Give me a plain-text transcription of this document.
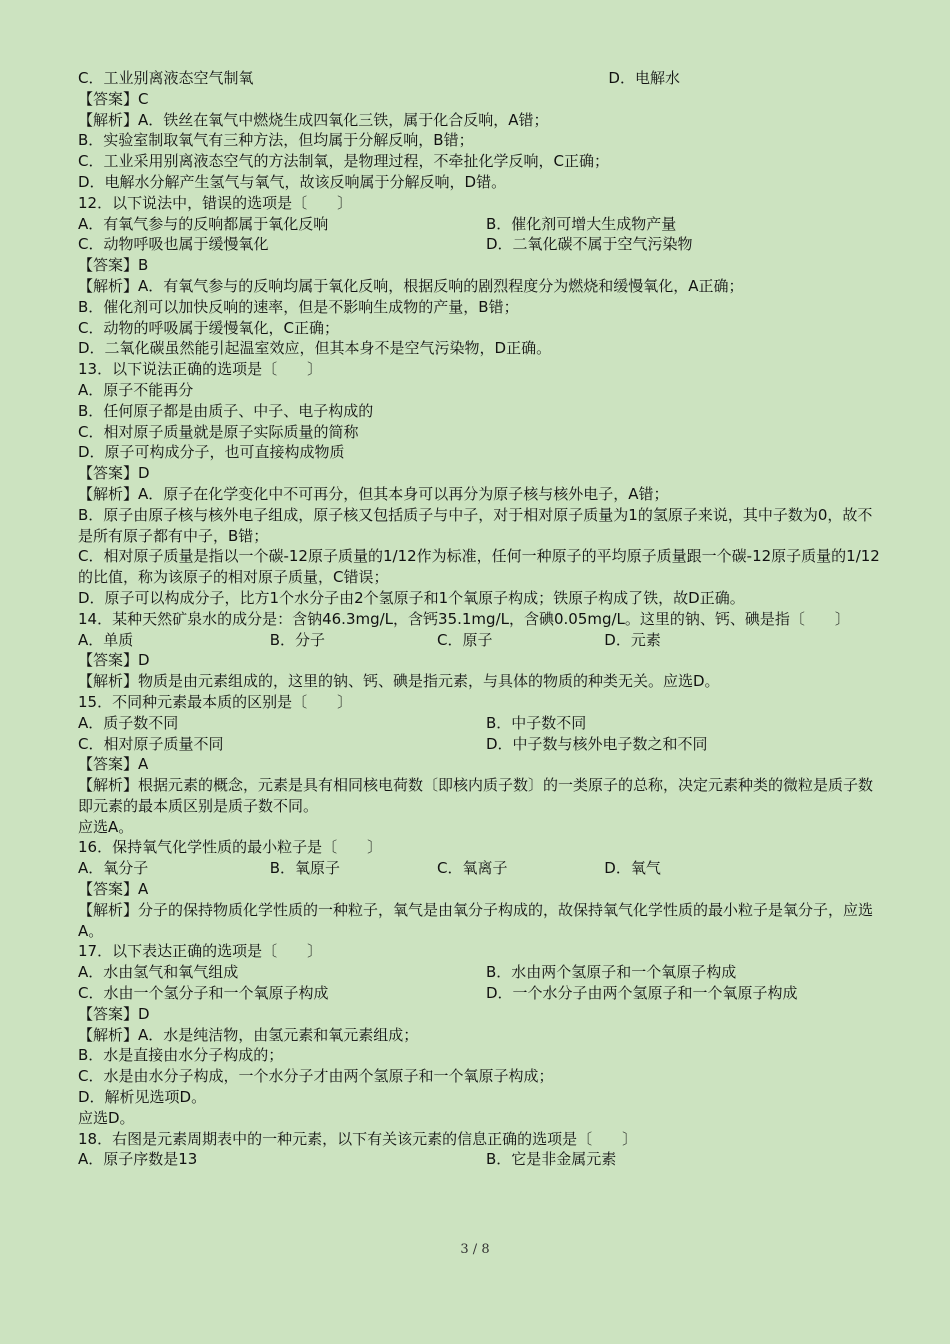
C．工业别离液态空气制氧	D．电解水
【答案】C
【解析】A．铁丝在氧气中燃烧生成四氧化三铁，属于化合反响，A错；
B．实验室制取氧气有三种方法，但均属于分解反响，B错；
C．工业采用别离液态空气的方法制氧，是物理过程，不牵扯化学反响，C正确；
D．电解水分解产生氢气与氧气，故该反响属于分解反响，D错。
12．以下说法中，错误的选项是〔　　〕
A．有氧气参与的反响都属于氧化反响	B．催化剂可增大生成物产量
C．动物呼吸也属于缓慢氧化	D．二氧化碳不属于空气污染物
【答案】B
【解析】A．有氧气参与的反响均属于氧化反响，根据反响的剧烈程度分为燃烧和缓慢氧化，A正确；
B．催化剂可以加快反响的速率，但是不影响生成物的产量，B错；
C．动物的呼吸属于缓慢氧化，C正确；
D．二氧化碳虽然能引起温室效应，但其本身不是空气污染物，D正确。
13．以下说法正确的选项是〔　　〕
A．原子不能再分
B．任何原子都是由质子、中子、电子构成的
C．相对原子质量就是原子实际质量的简称
D．原子可构成分子，也可直接构成物质
【答案】D
【解析】A．原子在化学变化中不可再分，但其本身可以再分为原子核与核外电子，A错；
B．原子由原子核与核外电子组成，原子核又包括质子与中子，对于相对原子质量为1的氢原子来说，其中子数为0，故不是所有原子都有中子，B错；
C．相对原子质量是指以一个碳-12原子质量的1/12作为标准，任何一种原子的平均原子质量跟一个碳-12原子质量的1/12的比值，称为该原子的相对原子质量，C错误；
D．原子可以构成分子，比方1个水分子由2个氢原子和1个氧原子构成；铁原子构成了铁，故D正确。
14．某种天然矿泉水的成分是：含钠46.3mg/L，含钙35.1mg/L，含碘0.05mg/L。这里的钠、钙、碘是指〔　　〕
A．单质	B．分子	C．原子	D．元素
【答案】D
【解析】物质是由元素组成的，这里的钠、钙、碘是指元素，与具体的物质的种类无关。应选D。
15．不同种元素最本质的区别是〔　　〕
A．质子数不同	B．中子数不同
C．相对原子质量不同	D．中子数与核外电子数之和不同
【答案】A
【解析】根据元素的概念，元素是具有相同核电荷数〔即核内质子数〕的一类原子的总称，决定元素种类的微粒是质子数即元素的最本质区别是质子数不同。
应选A。
16．保持氧气化学性质的最小粒子是〔　　〕
A．氧分子	B．氧原子	C．氧离子	D．氧气
【答案】A
【解析】分子的保持物质化学性质的一种粒子，氧气是由氧分子构成的，故保持氧气化学性质的最小粒子是氧分子，应选A。
17．以下表达正确的选项是〔　　〕
A．水由氢气和氧气组成	B．水由两个氢原子和一个氧原子构成
C．水由一个氢分子和一个氧原子构成	D．一个水分子由两个氢原子和一个氧原子构成
【答案】D
【解析】A．水是纯洁物，由氢元素和氧元素组成；
B．水是直接由水分子构成的；
C．水是由水分子构成，一个水分子才由两个氢原子和一个氧原子构成；
D．解析见选项D。
应选D。
18．右图是元素周期表中的一种元素，以下有关该元素的信息正确的选项是〔　　〕
A．原子序数是13	B．它是非金属元素
3 / 8
